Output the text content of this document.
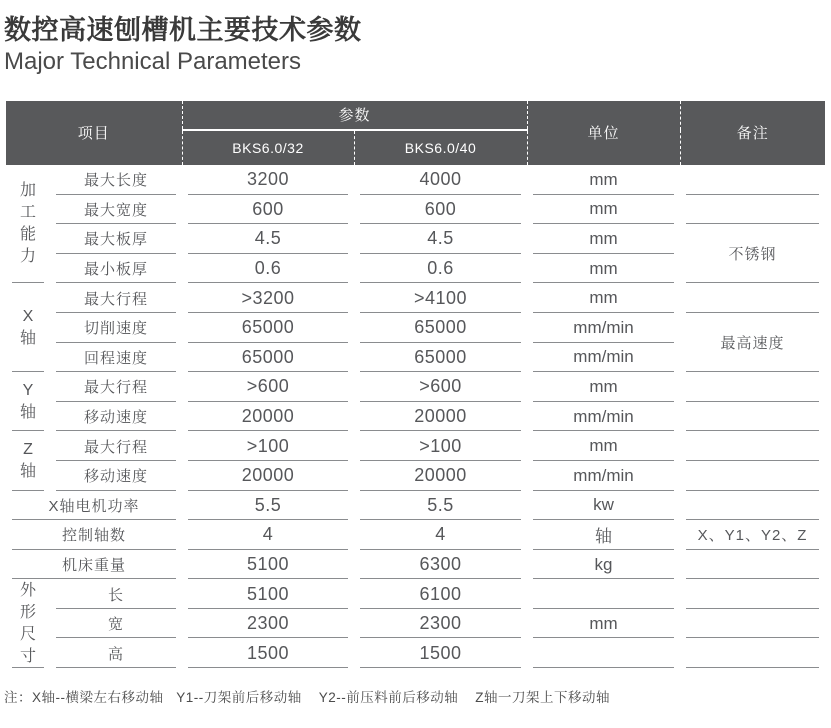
数控高速刨槽机主要技术参数
Major Technical Parameters
项目		参数		单位	备注
		BKS6.0/32	BKS6.0/40		

加工能力	最大长度	3200	4000	mm	
	最大宽度	600	600	mm	
	最大板厚	4.5	4.5	mm	不锈钢
	最小板厚	0.6	0.6	mm	

X轴	最大行程	>3200	>4100	mm	
	切削速度	65000	65000	mm/min	最高速度
	回程速度	65000	65000	mm/min	

Y轴	最大行程	>600	>600	mm	
	移动速度	20000	20000	mm/min	

Z轴	最大行程	>100	>100	mm	
	移动速度	20000	20000	mm/min	
X轴电机功率		5.5	5.5	kw	
控制轴数		4	4	轴	X、Y1、Y2、Z
机床重量		5100	6300	kg	

外形尺寸	长	5100	6100		
	宽	2300	2300	mm	
	高	1500	1500		
注：X轴--横梁左右移动轴   Y1--刀架前后移动轴    Y2--前压料前后移动轴    Z轴一刀架上下移动轴
